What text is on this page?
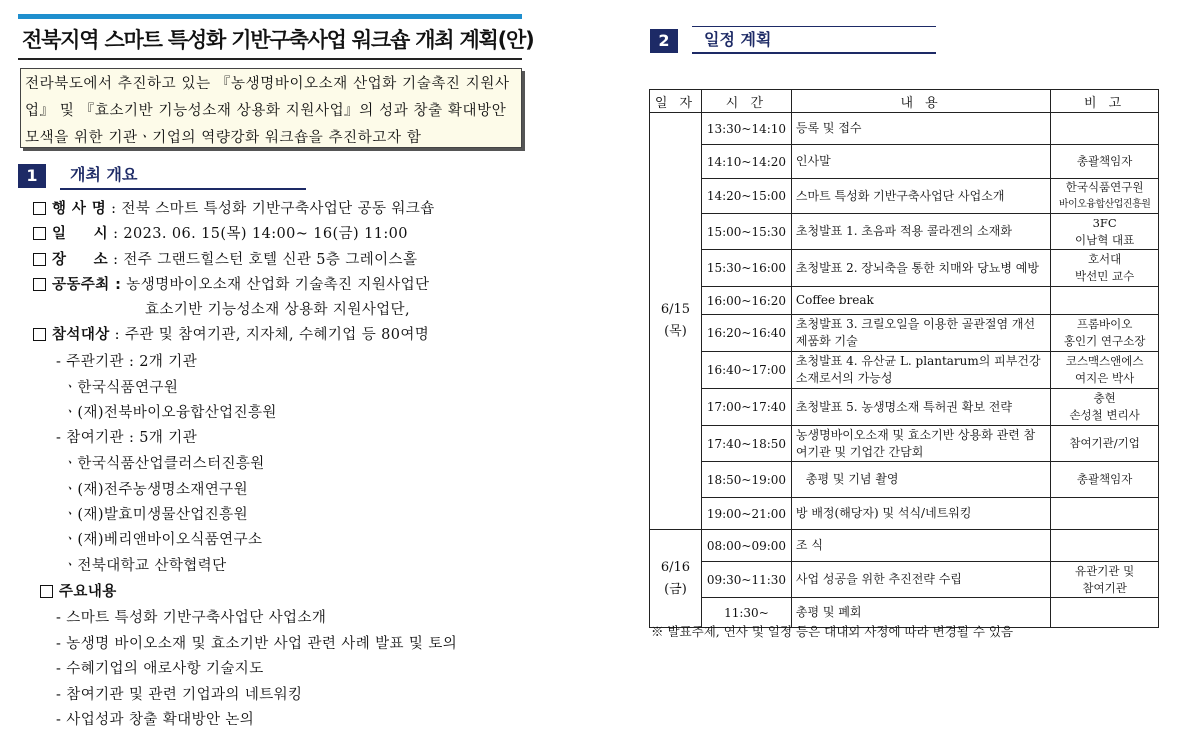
전북지역 스마트 특성화 기반구축사업 워크숍 개최 계획(안)
전라북도에서 추진하고 있는 『농생명바이오소재 산업화 기술촉진 지원사
업』 및 『효소기반 기능성소재 상용화 지원사업』의 성과 창출 확대방안
모색을 위한 기관ㆍ기업의 역량강화 워크숍을 추진하고자 함
1	개최 개요
행 사 명 : 전북 스마트 특성화 기반구축사업단 공동 워크숍
일     시 : 2023. 06. 15(목) 14:00~ 16(금) 11:00
장     소 : 전주 그랜드힐스턴 호텔 신관 5층 그레이스홀
공동주최 : 농생명바이오소재 산업화 기술촉진 지원사업단
효소기반 기능성소재 상용화 지원사업단,
참석대상 : 주관 및 참여기관, 지자체, 수혜기업 등 80여명
- 주관기관 : 2개 기관
ㆍ한국식품연구원
ㆍ(재)전북바이오융합산업진흥원
- 참여기관 : 5개 기관
ㆍ한국식품산업클러스터진흥원
ㆍ(재)전주농생명소재연구원
ㆍ(재)발효미생물산업진흥원
ㆍ(재)베리앤바이오식품연구소
ㆍ전북대학교 산학협력단
주요내용
- 스마트 특성화 기반구축사업단 사업소개
- 농생명 바이오소재 및 효소기반 사업 관련 사례 발표 및 토의
- 수혜기업의 애로사항 기술지도
- 참여기관 및 관련 기업과의 네트워킹
- 사업성과 창출 확대방안 논의
2	일정 계획
일 자	시 간	내 용	비 고
6/15
(목)	13:30~14:10	등록 및 접수	
	14:10~14:20	인사말	총괄책임자
	14:20~15:00	스마트 특성화 기반구축사업단 사업소개	한국식품연구원
바이오융합산업진흥원

	15:00~15:30	초청발표 1. 초음파 적용 콜라겐의 소재화	3FC
이남혁 대표

	15:30~16:00	초청발표 2. 장뇌축을 통한 치매와 당뇨병 예방	호서대
박선민 교수

	16:00~16:20	Coffee break	
	16:20~16:40	초청발표 3. 크릴오일을 이용한 골관절염 개선 제품화 기술	프롬바이오
홍인기 연구소장

	16:40~17:00	초청발표 4. 유산균 L. plantarum의 피부건강 소재로서의 가능성	코스맥스앤에스
여지은 박사

	17:00~17:40	초청발표 5. 농생명소재 특허권 확보 전략	충현
손성철 변리사

	17:40~18:50	농생명바이오소재 및 효소기반 상용화 관련 참여기관 및 기업간 간담회	참여기관/기업
	18:50~19:00	총평 및 기념 촬영	총괄책임자
	19:00~21:00	방 배정(해당자) 및 석식/네트워킹	
6/16
(금)	08:00~09:00	조 식	
	09:30~11:30	사업 성공을 위한 추진전략 수립	유관기관 및
참여기관

	11:30~	총평 및 폐회	
※ 발표주제, 연사 및 일정 등은 대내외 사정에 따라 변경될 수 있음
